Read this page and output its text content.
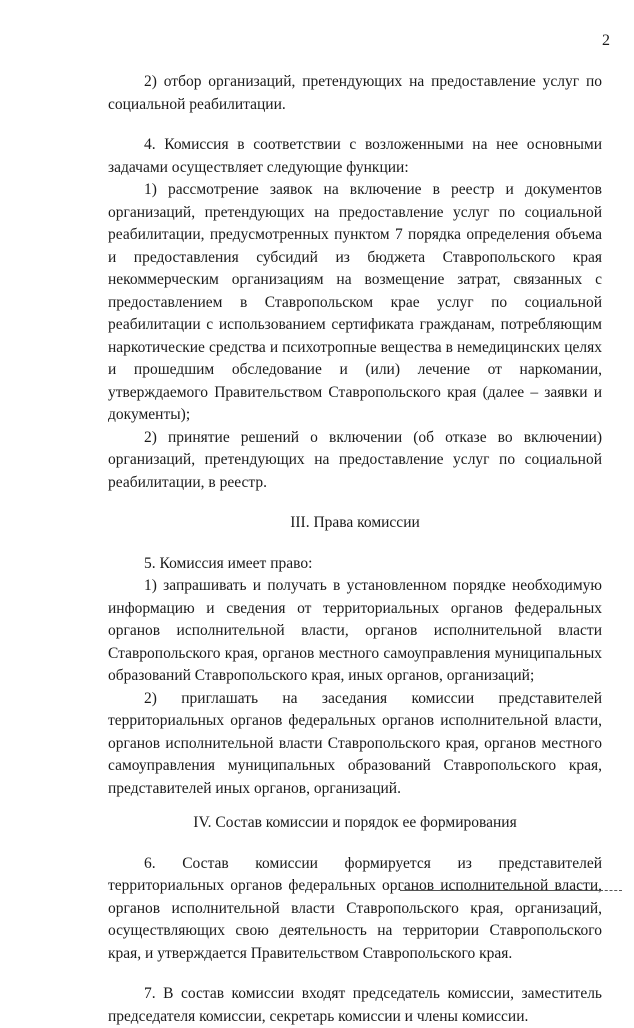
2

2) отбор организаций, претендующих на предоставление услуг по социальной реабилитации.

4. Комиссия в соответствии с возложенными на нее основными задачами осуществляет следующие функции:

1) рассмотрение заявок на включение в реестр и документов организаций, претендующих на предоставление услуг по социальной реабилитации, предусмотренных пунктом 7 порядка определения объема и предоставления субсидий из бюджета Ставропольского края некоммерческим организациям на возмещение затрат, связанных с предоставлением в Ставропольском крае услуг по социальной реабилитации с использованием сертификата гражданам, потребляющим наркотические средства и психотропные вещества в немедицинских целях и прошедшим обследование и (или) лечение от наркомании, утверждаемого Правительством Ставропольского края (далее – заявки и документы);

2) принятие решений о включении (об отказе во включении) организаций, претендующих на предоставление услуг по социальной реабилитации, в реестр.

III. Права комиссии

5. Комиссия имеет право:

1) запрашивать и получать в установленном порядке необходимую информацию и сведения от территориальных органов федеральных органов исполнительной власти, органов исполнительной власти Ставропольского края, органов местного самоуправления муниципальных образований Ставропольского края, иных органов, организаций;

2) приглашать на заседания комиссии представителей территориальных органов федеральных органов исполнительной власти, органов исполнительной власти Ставропольского края, органов местного самоуправления муниципальных образований Ставропольского края, представителей иных органов, организаций.

IV. Состав комиссии и порядок ее формирования

6. Состав комиссии формируется из представителей территориальных органов федеральных органов исполнительной власти, органов исполнительной власти Ставропольского края, организаций, осуществляющих свою деятельность на территории Ставропольского края, и утверждается Правительством Ставропольского края.

7. В состав комиссии входят председатель комиссии, заместитель председателя комиссии, секретарь комиссии и члены комиссии.
